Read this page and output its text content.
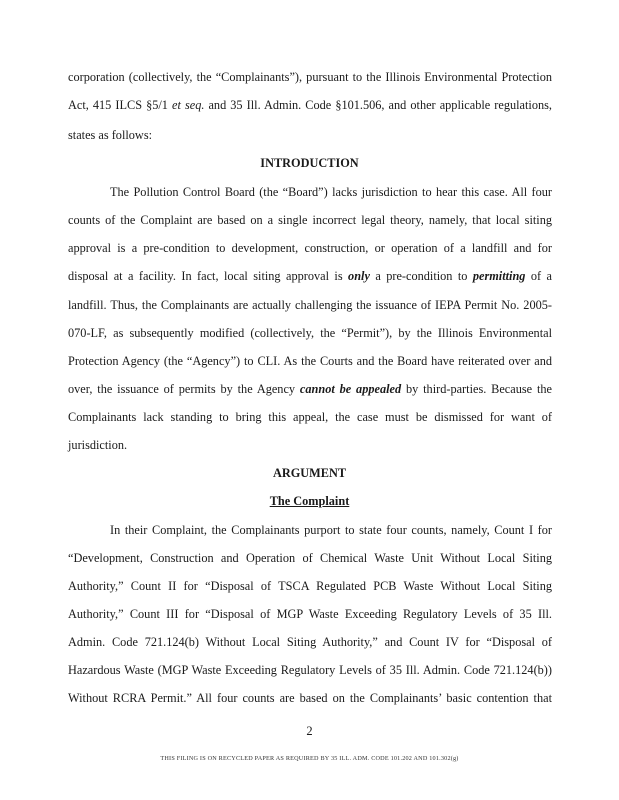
corporation (collectively, the “Complainants”), pursuant to the Illinois Environmental Protection
Act, 415 ILCS §5/1 et seq. and 35 Ill. Admin. Code §101.506, and other applicable regulations,
states as follows:
INTRODUCTION
The Pollution Control Board (the “Board”) lacks jurisdiction to hear this case. All four
counts of the Complaint are based on a single incorrect legal theory, namely, that local siting
approval is a pre-condition to development, construction, or operation of a landfill and for
disposal at a facility. In fact, local siting approval is only a pre-condition to permitting of a
landfill. Thus, the Complainants are actually challenging the issuance of IEPA Permit No. 2005-
070-LF, as subsequently modified (collectively, the “Permit”), by the Illinois Environmental
Protection Agency (the “Agency”) to CLI. As the Courts and the Board have reiterated over and
over, the issuance of permits by the Agency cannot be appealed by third-parties. Because the
Complainants lack standing to bring this appeal, the case must be dismissed for want of
jurisdiction.
ARGUMENT
The Complaint
In their Complaint, the Complainants purport to state four counts, namely, Count I for
“Development, Construction and Operation of Chemical Waste Unit Without Local Siting
Authority,” Count II for “Disposal of TSCA Regulated PCB Waste Without Local Siting
Authority,” Count III for “Disposal of MGP Waste Exceeding Regulatory Levels of 35 Ill.
Admin. Code 721.124(b) Without Local Siting Authority,” and Count IV for “Disposal of
Hazardous Waste (MGP Waste Exceeding Regulatory Levels of 35 Ill. Admin. Code 721.124(b))
Without RCRA Permit.” All four counts are based on the Complainants’ basic contention that
2
THIS FILING IS ON RECYCLED PAPER AS REQUIRED BY 35 ILL. ADM. CODE 101.202 AND 101.302(g)
